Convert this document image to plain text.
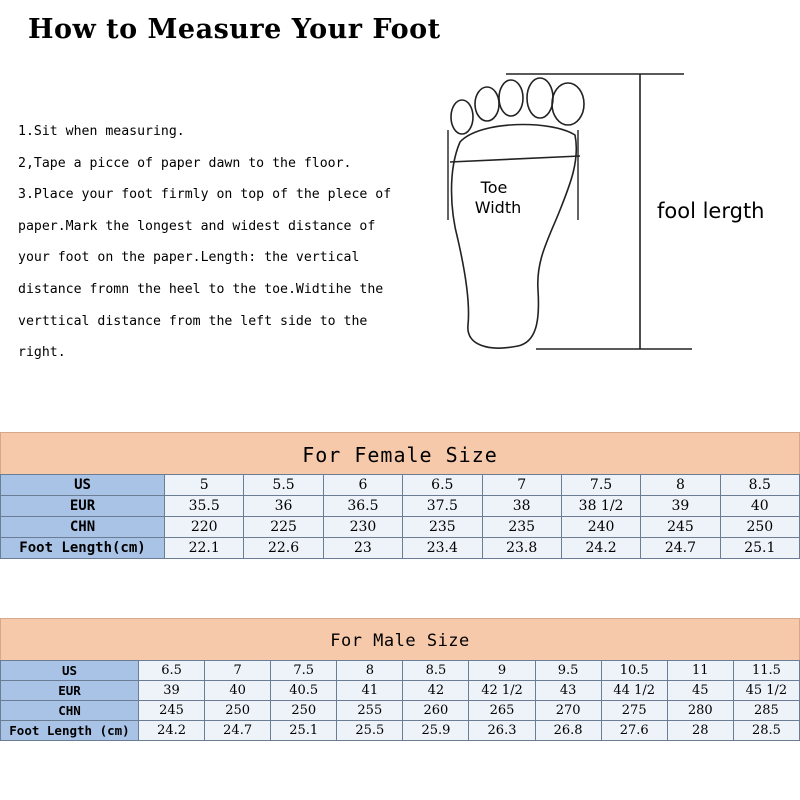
How to Measure Your Foot
1.Sit when measuring.
2,Tape a picce of paper dawn to the floor.
3.Place your foot firmly on top of the plece of
paper.Mark the longest and widest distance of
your foot on the paper.Length: the vertical
distance fromn the heel to the toe.Widtihe the
verttical distance from the left side to the
right.
Toe
Width	fool lergth
For Female Size
US	5	5.5	6	6.5	7	7.5	8	8.5
EUR	35.5	36	36.5	37.5	38	38 1/2	39	40
CHN	220	225	230	235	235	240	245	250
Foot Length(cm)	22.1	22.6	23	23.4	23.8	24.2	24.7	25.1
For Male Size
US	6.5	7	7.5	8	8.5	9	9.5	10.5	11	11.5
EUR	39	40	40.5	41	42	42 1/2	43	44 1/2	45	45 1/2
CHN	245	250	250	255	260	265	270	275	280	285
Foot Length (cm)	24.2	24.7	25.1	25.5	25.9	26.3	26.8	27.6	28	28.5
